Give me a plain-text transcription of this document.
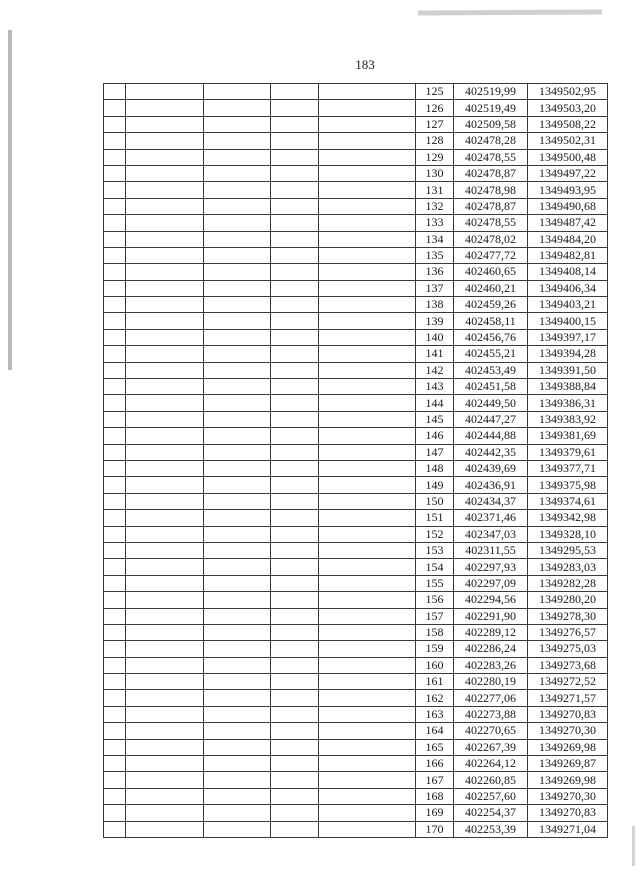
183
					125	402519,99	1349502,95
					126	402519,49	1349503,20
					127	402509,58	1349508,22
					128	402478,28	1349502,31
					129	402478,55	1349500,48
					130	402478,87	1349497,22
					131	402478,98	1349493,95
					132	402478,87	1349490,68
					133	402478,55	1349487,42
					134	402478,02	1349484,20
					135	402477,72	1349482,81
					136	402460,65	1349408,14
					137	402460,21	1349406,34
					138	402459,26	1349403,21
					139	402458,11	1349400,15
					140	402456,76	1349397,17
					141	402455,21	1349394,28
					142	402453,49	1349391,50
					143	402451,58	1349388,84
					144	402449,50	1349386,31
					145	402447,27	1349383,92
					146	402444,88	1349381,69
					147	402442,35	1349379,61
					148	402439,69	1349377,71
					149	402436,91	1349375,98
					150	402434,37	1349374,61
					151	402371,46	1349342,98
					152	402347,03	1349328,10
					153	402311,55	1349295,53
					154	402297,93	1349283,03
					155	402297,09	1349282,28
					156	402294,56	1349280,20
					157	402291,90	1349278,30
					158	402289,12	1349276,57
					159	402286,24	1349275,03
					160	402283,26	1349273,68
					161	402280,19	1349272,52
					162	402277,06	1349271,57
					163	402273,88	1349270,83
					164	402270,65	1349270,30
					165	402267,39	1349269,98
					166	402264,12	1349269,87
					167	402260,85	1349269,98
					168	402257,60	1349270,30
					169	402254,37	1349270,83
					170	402253,39	1349271,04
